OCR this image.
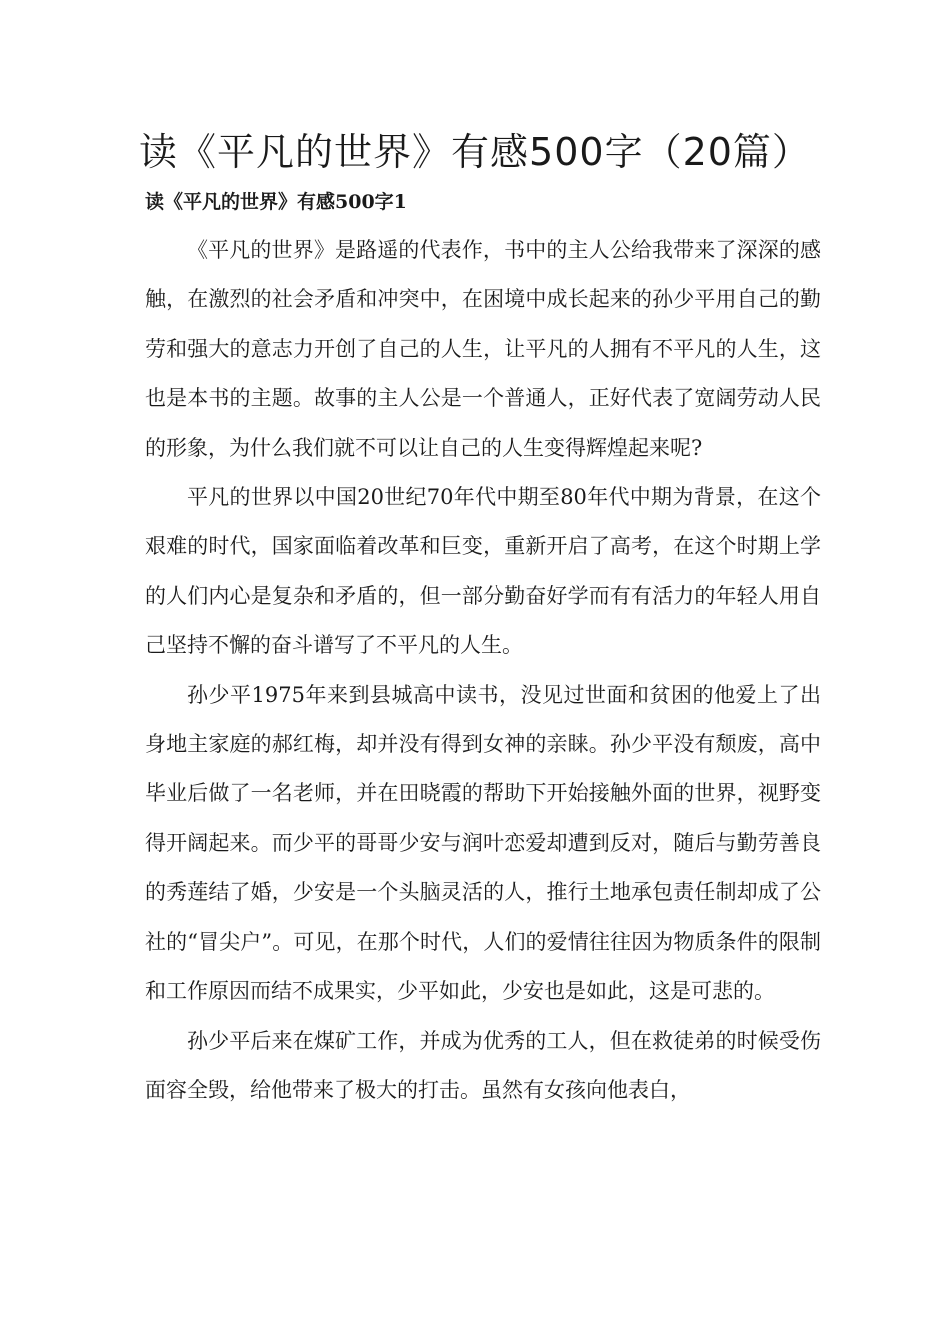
读《平凡的世界》有感500字（20篇）
读《平凡的世界》有感500字1

《平凡的世界》是路遥的代表作，书中的主人公给我带来了深深的感触，在激烈的社会矛盾和冲突中，在困境中成长起来的孙少平用自己的勤劳和强大的意志力开创了自己的人生，让平凡的人拥有不平凡的人生，这也是本书的主题。故事的主人公是一个普通人，正好代表了宽阔劳动人民的形象，为什么我们就不可以让自己的人生变得辉煌起来呢?

平凡的世界以中国20世纪70年代中期至80年代中期为背景，在这个艰难的时代，国家面临着改革和巨变，重新开启了高考，在这个时期上学的人们内心是复杂和矛盾的，但一部分勤奋好学而有有活力的年轻人用自己坚持不懈的奋斗谱写了不平凡的人生。

孙少平1975年来到县城高中读书，没见过世面和贫困的他爱上了出身地主家庭的郝红梅，却并没有得到女神的亲睐。孙少平没有颓废，高中毕业后做了一名老师，并在田晓霞的帮助下开始接触外面的世界，视野变得开阔起来。而少平的哥哥少安与润叶恋爱却遭到反对，随后与勤劳善良的秀莲结了婚，少安是一个头脑灵活的人，推行土地承包责任制却成了公社的“冒尖户”。可见，在那个时代，人们的爱情往往因为物质条件的限制和工作原因而结不成果实，少平如此，少安也是如此，这是可悲的。

孙少平后来在煤矿工作，并成为优秀的工人，但在救徒弟的时候受伤面容全毁，给他带来了极大的打击。虽然有女孩向他表白，
